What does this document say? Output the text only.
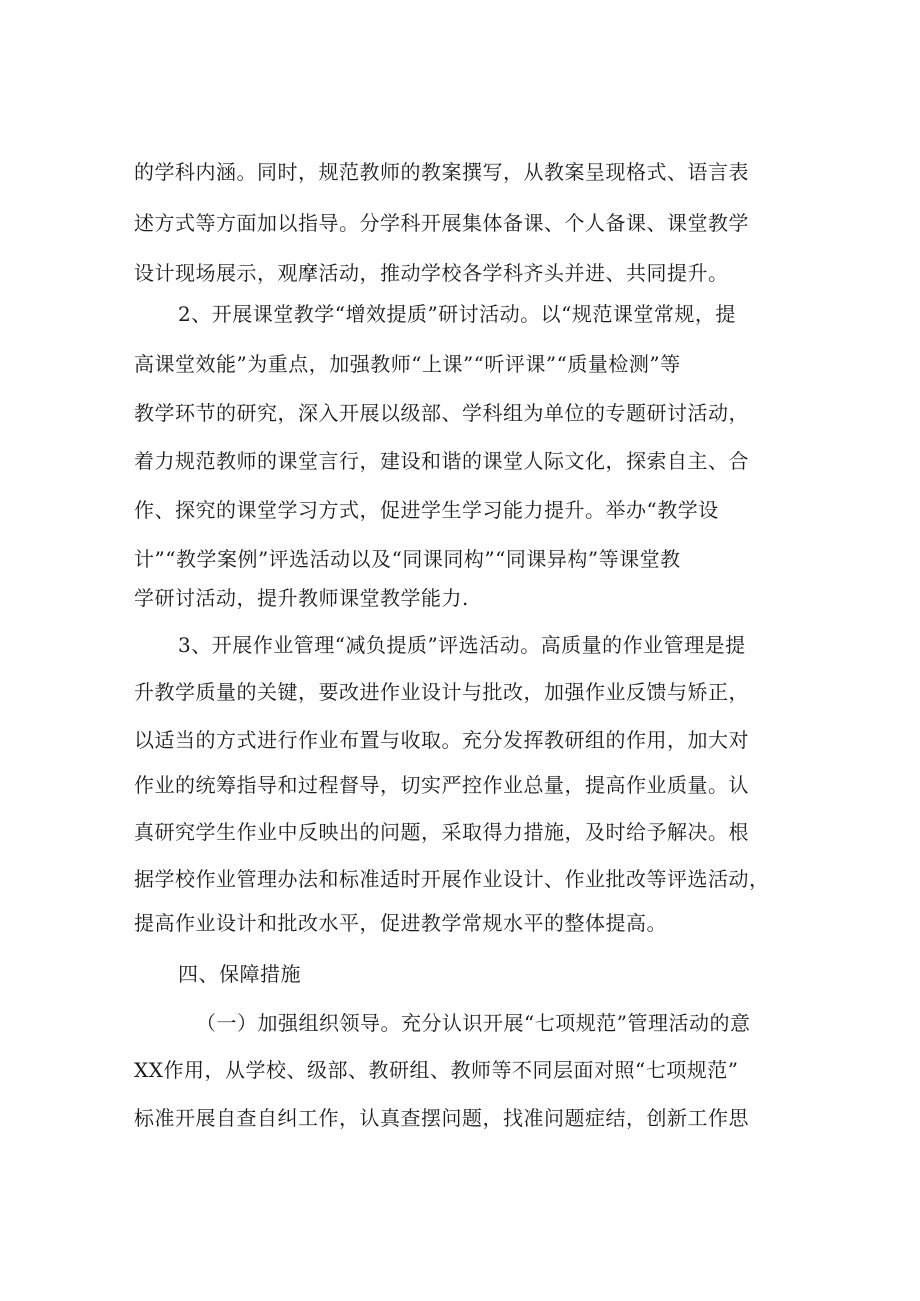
的学科内涵。同时，规范教师的教案撰写，从教案呈现格式、语言表
述方式等方面加以指导。分学科开展集体备课、个人备课、课堂教学
设计现场展示，观摩活动，推动学校各学科齐头并进、共同提升。
2、开展课堂教学“增效提质”研讨活动。以“规范课堂常规，提
高课堂效能”为重点，加强教师“上课”“听评课”“质量检测”等
教学环节的研究，深入开展以级部、学科组为单位的专题研讨活动，
着力规范教师的课堂言行，建设和谐的课堂人际文化，探索自主、合
作、探究的课堂学习方式，促进学生学习能力提升。举办“教学设
计”“教学案例”评选活动以及“同课同构”“同课异构”等课堂教
学研讨活动，提升教师课堂教学能力.
3、开展作业管理“减负提质”评选活动。高质量的作业管理是提
升教学质量的关键，要改进作业设计与批改，加强作业反馈与矫正，
以适当的方式进行作业布置与收取。充分发挥教研组的作用，加大对
作业的统筹指导和过程督导，切实严控作业总量，提高作业质量。认
真研究学生作业中反映出的问题，采取得力措施，及时给予解决。根
据学校作业管理办法和标准适时开展作业设计、作业批改等评选活动，
提高作业设计和批改水平，促进教学常规水平的整体提高。
四、保障措施
（一）加强组织领导。充分认识开展“七项规范”管理活动的意
XX作用，从学校、级部、教研组、教师等不同层面对照“七项规范”
标准开展自查自纠工作，认真查摆问题，找准问题症结，创新工作思
